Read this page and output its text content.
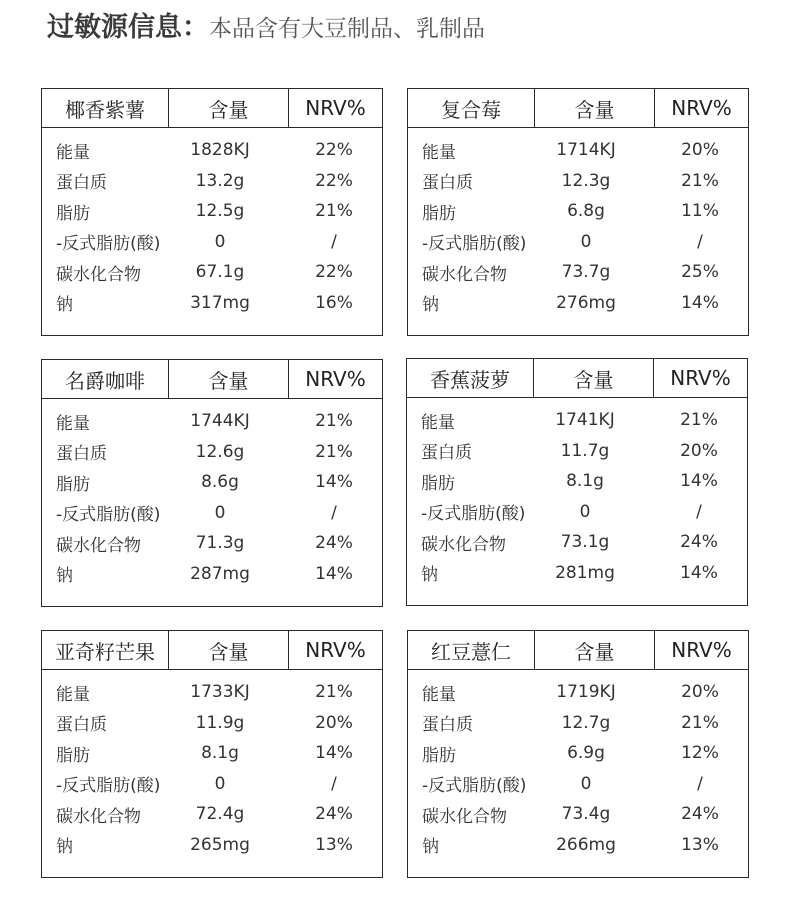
过敏源信息：本品含有大豆制品、乳制品
椰香紫薯	含量	NRV%
能量	1828KJ	22%
蛋白质	13.2g	22%
脂肪	12.5g	21%
-反式脂肪(酸)	0	/
碳水化合物	67.1g	22%
钠	317mg	16%
复合莓	含量	NRV%
能量	1714KJ	20%
蛋白质	12.3g	21%
脂肪	6.8g	11%
-反式脂肪(酸)	0	/
碳水化合物	73.7g	25%
钠	276mg	14%
名爵咖啡	含量	NRV%
能量	1744KJ	21%
蛋白质	12.6g	21%
脂肪	8.6g	14%
-反式脂肪(酸)	0	/
碳水化合物	71.3g	24%
钠	287mg	14%
香蕉菠萝	含量	NRV%
能量	1741KJ	21%
蛋白质	11.7g	20%
脂肪	8.1g	14%
-反式脂肪(酸)	0	/
碳水化合物	73.1g	24%
钠	281mg	14%
亚奇籽芒果	含量	NRV%
能量	1733KJ	21%
蛋白质	11.9g	20%
脂肪	8.1g	14%
-反式脂肪(酸)	0	/
碳水化合物	72.4g	24%
钠	265mg	13%
红豆薏仁	含量	NRV%
能量	1719KJ	20%
蛋白质	12.7g	21%
脂肪	6.9g	12%
-反式脂肪(酸)	0	/
碳水化合物	73.4g	24%
钠	266mg	13%
